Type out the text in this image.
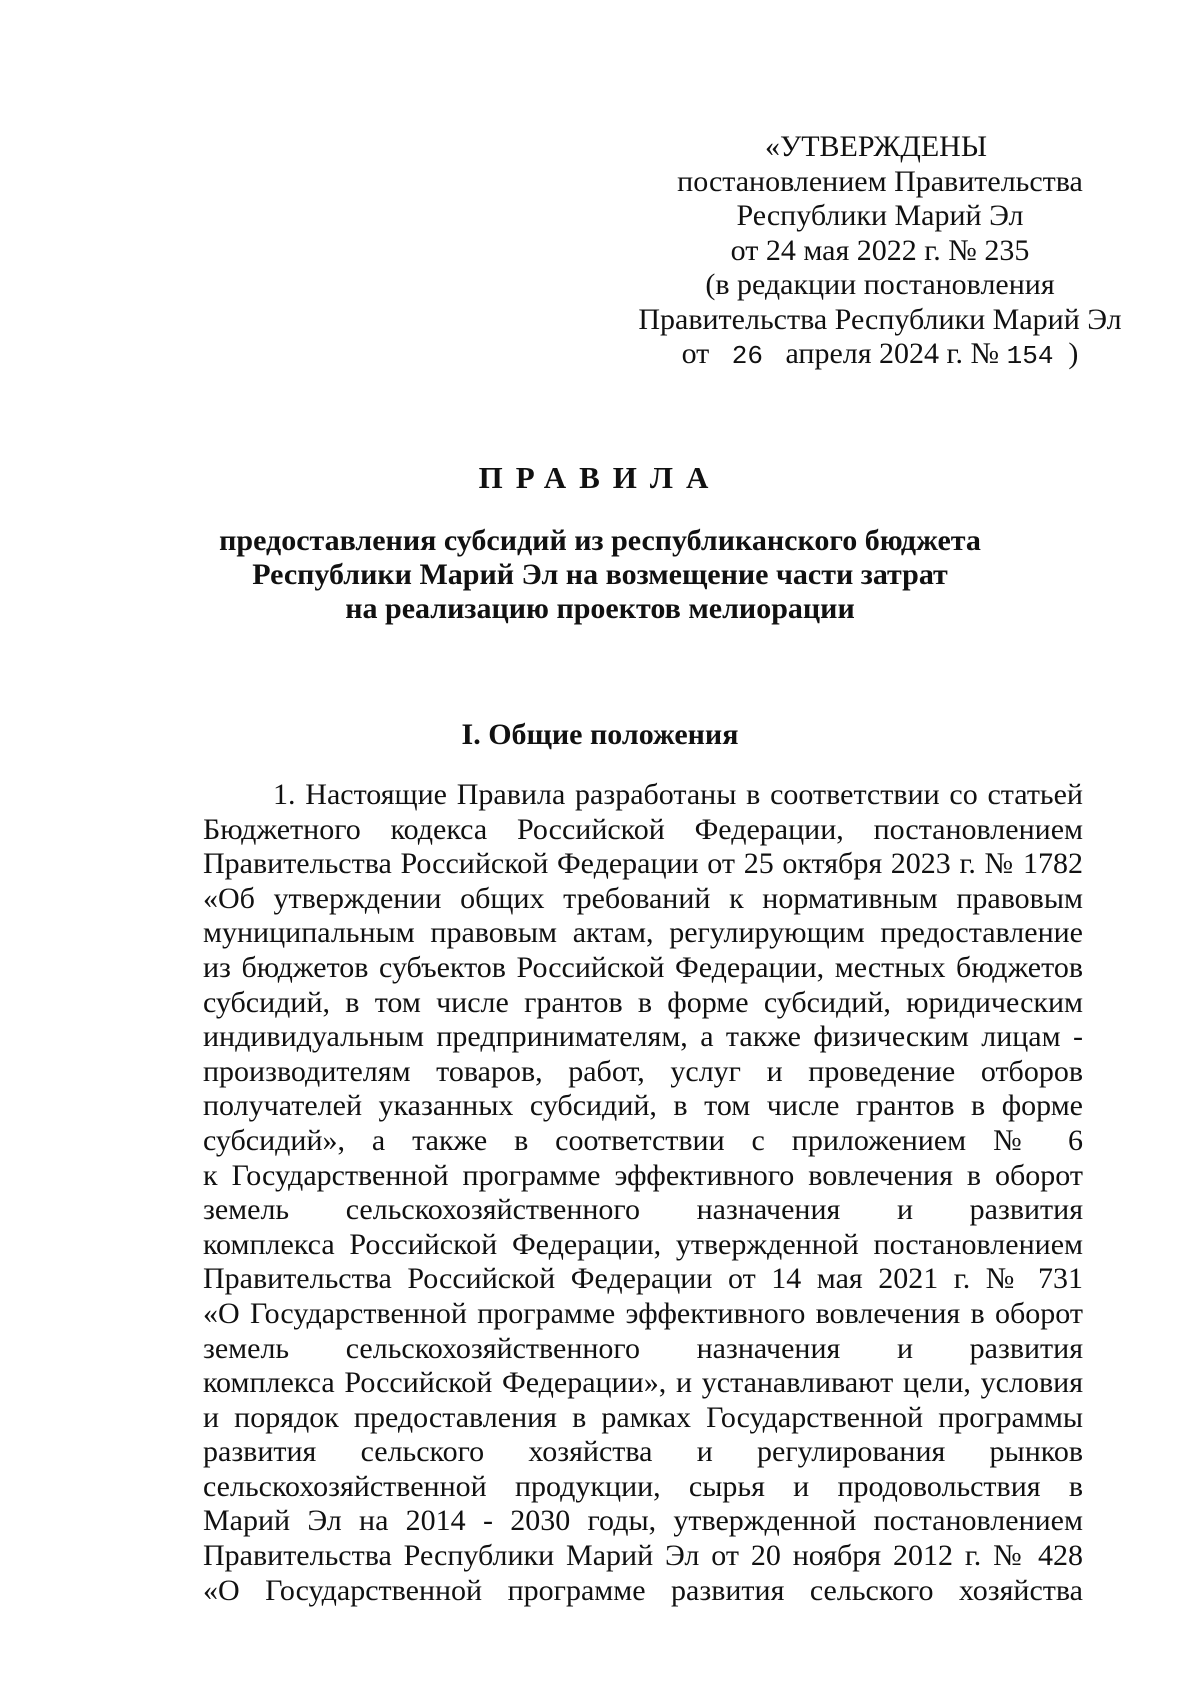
«УТВЕРЖДЕНЫ
постановлением Правительства
Республики Марий Эл
от 24 мая 2022 г. № 235
(в редакции постановления
Правительства Республики Марий Эл
от 26 апреля 2024 г. № 154 )
ПРАВИЛА
предоставления субсидий из республиканского бюджета
Республики Марий Эл на возмещение части затрат
на реализацию проектов мелиорации
I. Общие положения
1. Настоящие Правила разработаны в соответствии со статьей
Бюджетного кодекса Российской Федерации, постановлением
Правительства Российской Федерации от 25 октября 2023 г. № 1782
«Об утверждении общих требований к нормативным правовым
муниципальным правовым актам, регулирующим предоставление
из бюджетов субъектов Российской Федерации, местных бюджетов
субсидий, в том числе грантов в форме субсидий, юридическим
индивидуальным предпринимателям, а также физическим лицам -
производителям товаров, работ, услуг и проведение отборов
получателей указанных субсидий, в том числе грантов в форме
субсидий», а также в соответствии с приложением № 6
к Государственной программе эффективного вовлечения в оборот
земель сельскохозяйственного назначения и развития
комплекса Российской Федерации, утвержденной постановлением
Правительства Российской Федерации от 14 мая 2021 г. № 731
«О Государственной программе эффективного вовлечения в оборот
земель сельскохозяйственного назначения и развития
комплекса Российской Федерации», и устанавливают цели, условия
и порядок предоставления в рамках Государственной программы
развития сельского хозяйства и регулирования рынков
сельскохозяйственной продукции, сырья и продовольствия в
Марий Эл на 2014 - 2030 годы, утвержденной постановлением
Правительства Республики Марий Эл от 20 ноября 2012 г. № 428
«О Государственной программе развития сельского хозяйства
